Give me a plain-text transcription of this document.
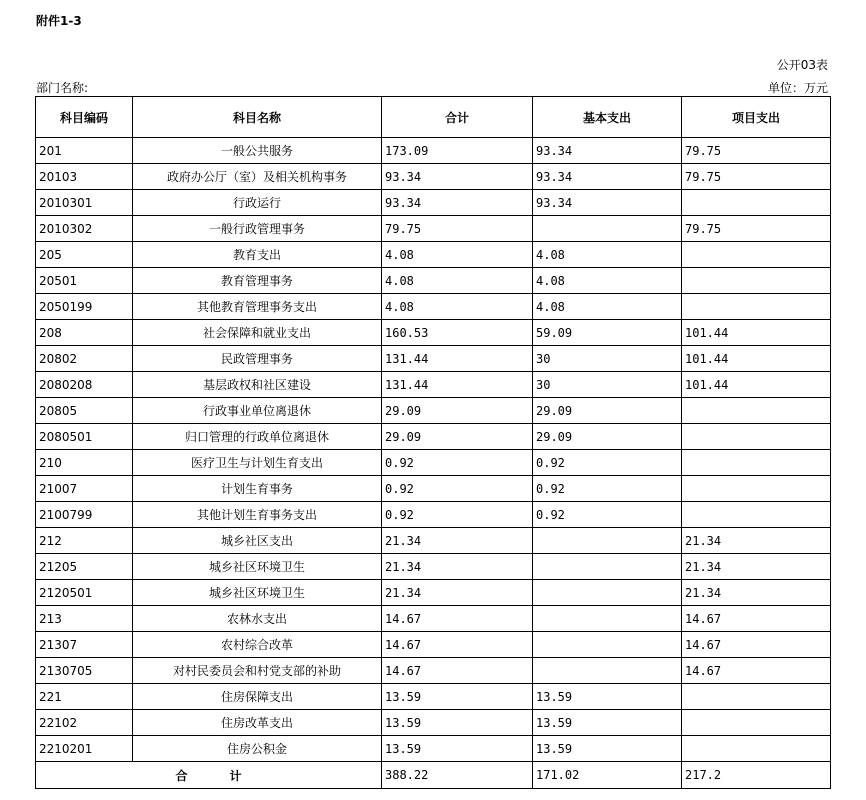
附件1-3
公开03表
部门名称:	单位：万元
科目编码	科目名称	合计	基本支出	项目支出
201	一般公共服务	173.09	93.34	79.75
20103	政府办公厅（室）及相关机构事务	93.34	93.34	79.75
2010301	行政运行	93.34	93.34	
2010302	一般行政管理事务	79.75		79.75
205	教育支出	4.08	4.08	
20501	教育管理事务	4.08	4.08	
2050199	其他教育管理事务支出	4.08	4.08	
208	社会保障和就业支出	160.53	59.09	101.44
20802	民政管理事务	131.44	30	101.44
2080208	基层政权和社区建设	131.44	30	101.44
20805	行政事业单位离退休	29.09	29.09	
2080501	归口管理的行政单位离退休	29.09	29.09	
210	医疗卫生与计划生育支出	0.92	0.92	
21007	计划生育事务	0.92	0.92	
2100799	其他计划生育事务支出	0.92	0.92	
212	城乡社区支出	21.34		21.34
21205	城乡社区环境卫生	21.34		21.34
2120501	城乡社区环境卫生	21.34		21.34
213	农林水支出	14.67		14.67
21307	农村综合改革	14.67		14.67
2130705	对村民委员会和村党支部的补助	14.67		14.67
221	住房保障支出	13.59	13.59	
22102	住房改革支出	13.59	13.59	
2210201	住房公积金	13.59	13.59	
合 计		388.22	171.02	217.2
